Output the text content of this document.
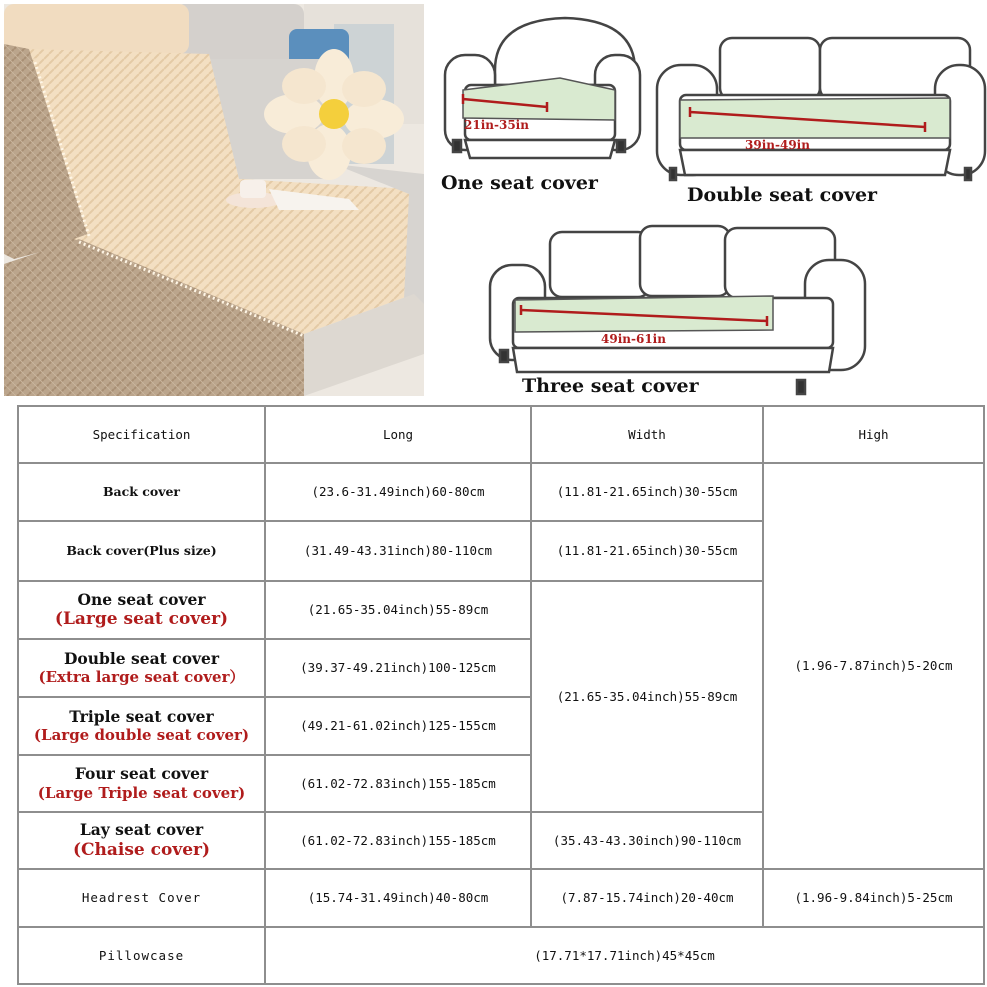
21in-35in
39in-49in
49in-61in
One seat cover
Double seat cover
Three seat cover
Specification	Long	Width	High
Back cover	(23.6-31.49inch)60-80cm	(11.81-21.65inch)30-55cm	(1.96-7.87inch)5-20cm
Back cover(Plus size)	(31.49-43.31inch)80-110cm	(11.81-21.65inch)30-55cm	

One seat cover
(Large seat cover)	(21.65-35.04inch)55-89cm	(21.65-35.04inch)55-89cm	

Double seat cover
(Extra large seat cover）	(39.37-49.21inch)100-125cm		

Triple seat cover
(Large double seat cover)	(49.21-61.02inch)125-155cm		

Four seat cover
(Large Triple seat cover)	(61.02-72.83inch)155-185cm		

Lay seat cover
(Chaise cover)	(61.02-72.83inch)155-185cm	(35.43-43.30inch)90-110cm	
Headrest Cover	(15.74-31.49inch)40-80cm	(7.87-15.74inch)20-40cm	(1.96-9.84inch)5-25cm
Pillowcase	(17.71*17.71inch)45*45cm		
